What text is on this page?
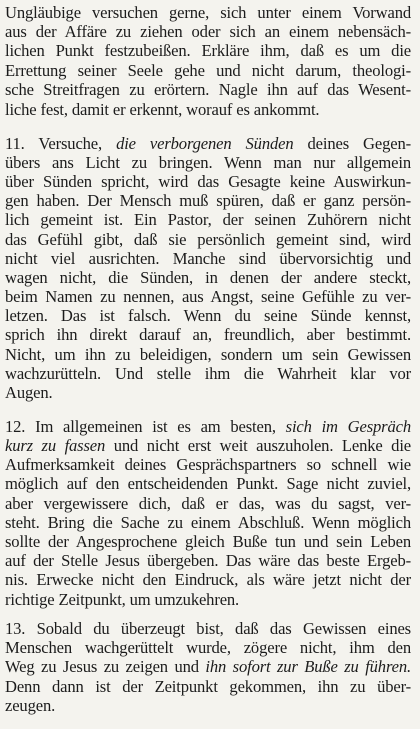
Ungläubige versuchen gerne, sich unter einem Vorwand
aus der Affäre zu ziehen oder sich an einem nebensäch-
lichen Punkt festzubeißen. Erkläre ihm, daß es um die
Errettung seiner Seele gehe und nicht darum, theologi-
sche Streitfragen zu erörtern. Nagle ihn auf das Wesent-
liche fest, damit er erkennt, worauf es ankommt.
11. Versuche, die verborgenen Sünden deines Gegen-
übers ans Licht zu bringen. Wenn man nur allgemein
über Sünden spricht, wird das Gesagte keine Auswirkun-
gen haben. Der Mensch muß spüren, daß er ganz persön-
lich gemeint ist. Ein Pastor, der seinen Zuhörern nicht
das Gefühl gibt, daß sie persönlich gemeint sind, wird
nicht viel ausrichten. Manche sind übervorsichtig und
wagen nicht, die Sünden, in denen der andere steckt,
beim Namen zu nennen, aus Angst, seine Gefühle zu ver-
letzen. Das ist falsch. Wenn du seine Sünde kennst,
sprich ihn direkt darauf an, freundlich, aber bestimmt.
Nicht, um ihn zu beleidigen, sondern um sein Gewissen
wachzurütteln. Und stelle ihm die Wahrheit klar vor
Augen.
12. Im allgemeinen ist es am besten, sich im Gespräch
kurz zu fassen und nicht erst weit auszuholen. Lenke die
Aufmerksamkeit deines Gesprächspartners so schnell wie
möglich auf den entscheidenden Punkt. Sage nicht zuviel,
aber vergewissere dich, daß er das, was du sagst, ver-
steht. Bring die Sache zu einem Abschluß. Wenn möglich
sollte der Angesprochene gleich Buße tun und sein Leben
auf der Stelle Jesus übergeben. Das wäre das beste Ergeb-
nis. Erwecke nicht den Eindruck, als wäre jetzt nicht der
richtige Zeitpunkt, um umzukehren.
13. Sobald du überzeugt bist, daß das Gewissen eines
Menschen wachgerüttelt wurde, zögere nicht, ihm den
Weg zu Jesus zu zeigen und ihn sofort zur Buße zu führen.
Denn dann ist der Zeitpunkt gekommen, ihn zu über-
zeugen.
